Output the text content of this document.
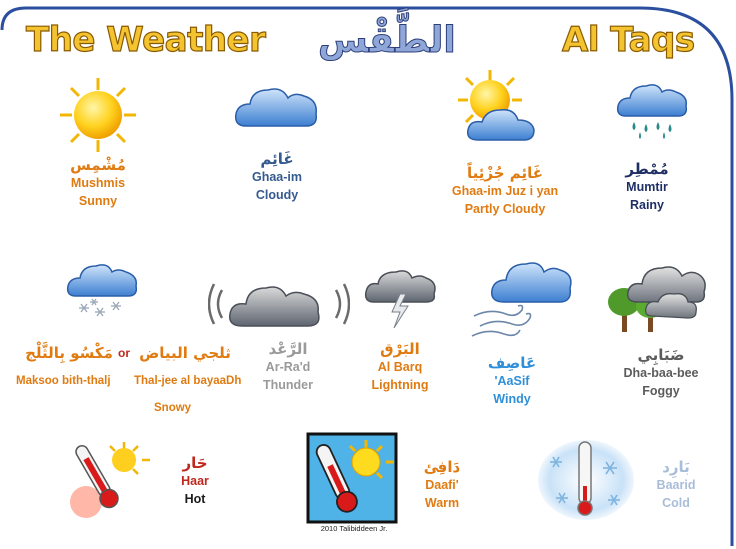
The Weather الطَّقْس	Al Taqs
مُشْمِس
Mushmis
Sunny
غَائِم
Ghaa-im
Cloudy
غَائِم جُزْئِياً
Ghaa-im Juz i yan
Partly Cloudy
مُمْطِر
Mumtir
Rainy
مَكْسُو بِالثَّلْج or ثلجي البياض
Maksoo bith-thalj Thal-jee al bayaaDh
Snowy
الرَّعْد
Ar-Ra'd
Thunder
البَرْق
Al Barq
Lightning
عَاصِف
'AaSif
Windy
ضَبَابِي
Dha-baa-bee
Foggy
حَار
Haar
Hot
2010 Talibiddeen Jr.
دَافِئ
Daafi'
Warm
بَارِد
Baarid
Cold
